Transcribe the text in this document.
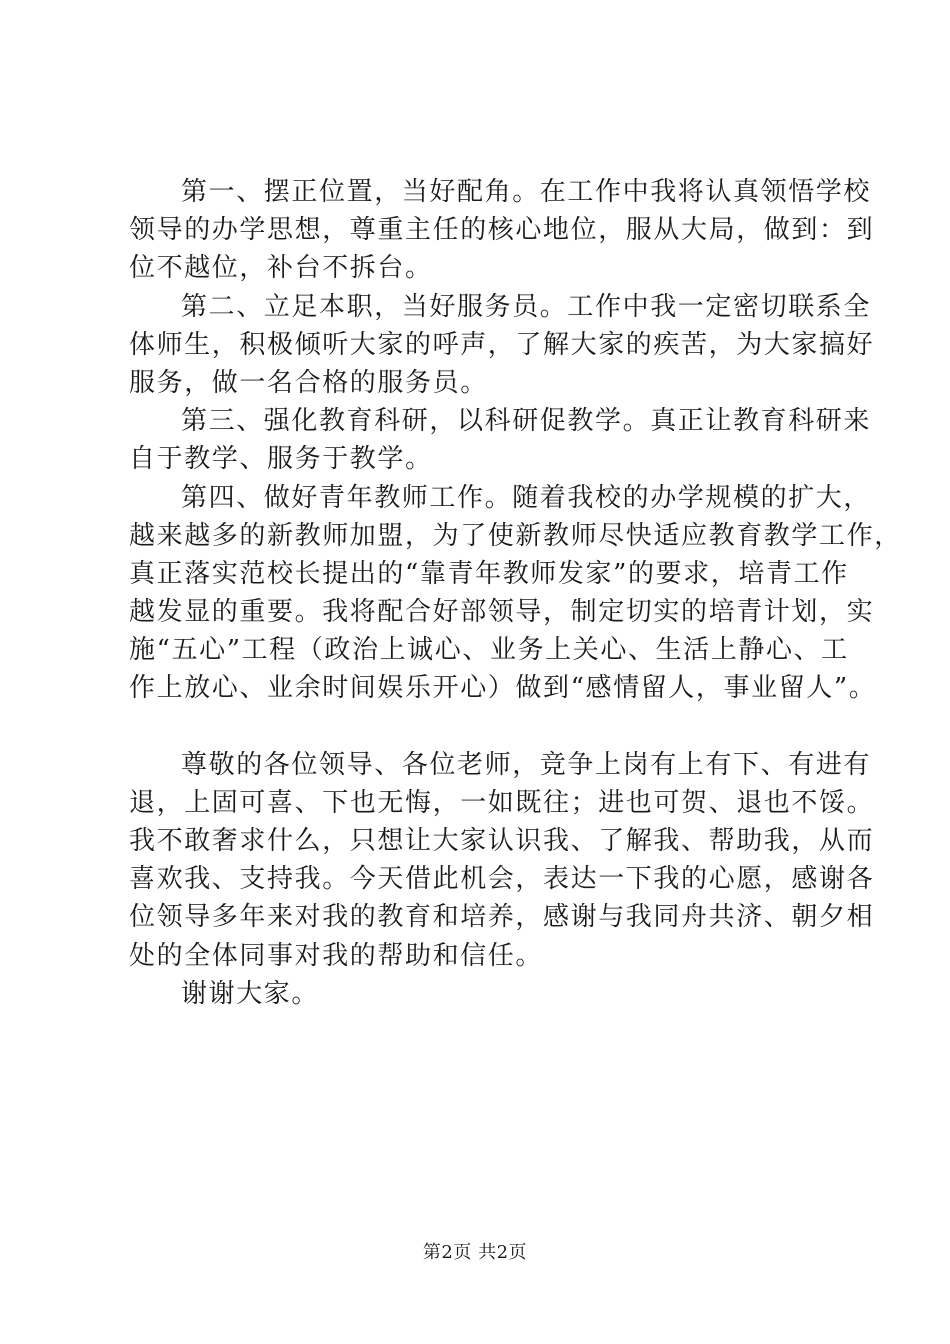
第一、摆正位置，当好配角。在工作中我将认真领悟学校
领导的办学思想，尊重主任的核心地位，服从大局，做到：到
位不越位，补台不拆台。
第二、立足本职，当好服务员。工作中我一定密切联系全
体师生，积极倾听大家的呼声，了解大家的疾苦，为大家搞好
服务，做一名合格的服务员。
第三、强化教育科研，以科研促教学。真正让教育科研来
自于教学、服务于教学。
第四、做好青年教师工作。随着我校的办学规模的扩大，
越来越多的新教师加盟，为了使新教师尽快适应教育教学工作，
真正落实范校长提出的“靠青年教师发家”的要求，培青工作
越发显的重要。我将配合好部领导，制定切实的培青计划，实
施“五心”工程（政治上诚心、业务上关心、生活上静心、工
作上放心、业余时间娱乐开心）做到“感情留人，事业留人”。
尊敬的各位领导、各位老师，竞争上岗有上有下、有进有
退，上固可喜、下也无悔，一如既往；进也可贺、退也不馁。
我不敢奢求什么，只想让大家认识我、了解我、帮助我，从而
喜欢我、支持我。今天借此机会，表达一下我的心愿，感谢各
位领导多年来对我的教育和培养，感谢与我同舟共济、朝夕相
处的全体同事对我的帮助和信任。
谢谢大家。
第2页 共2页
